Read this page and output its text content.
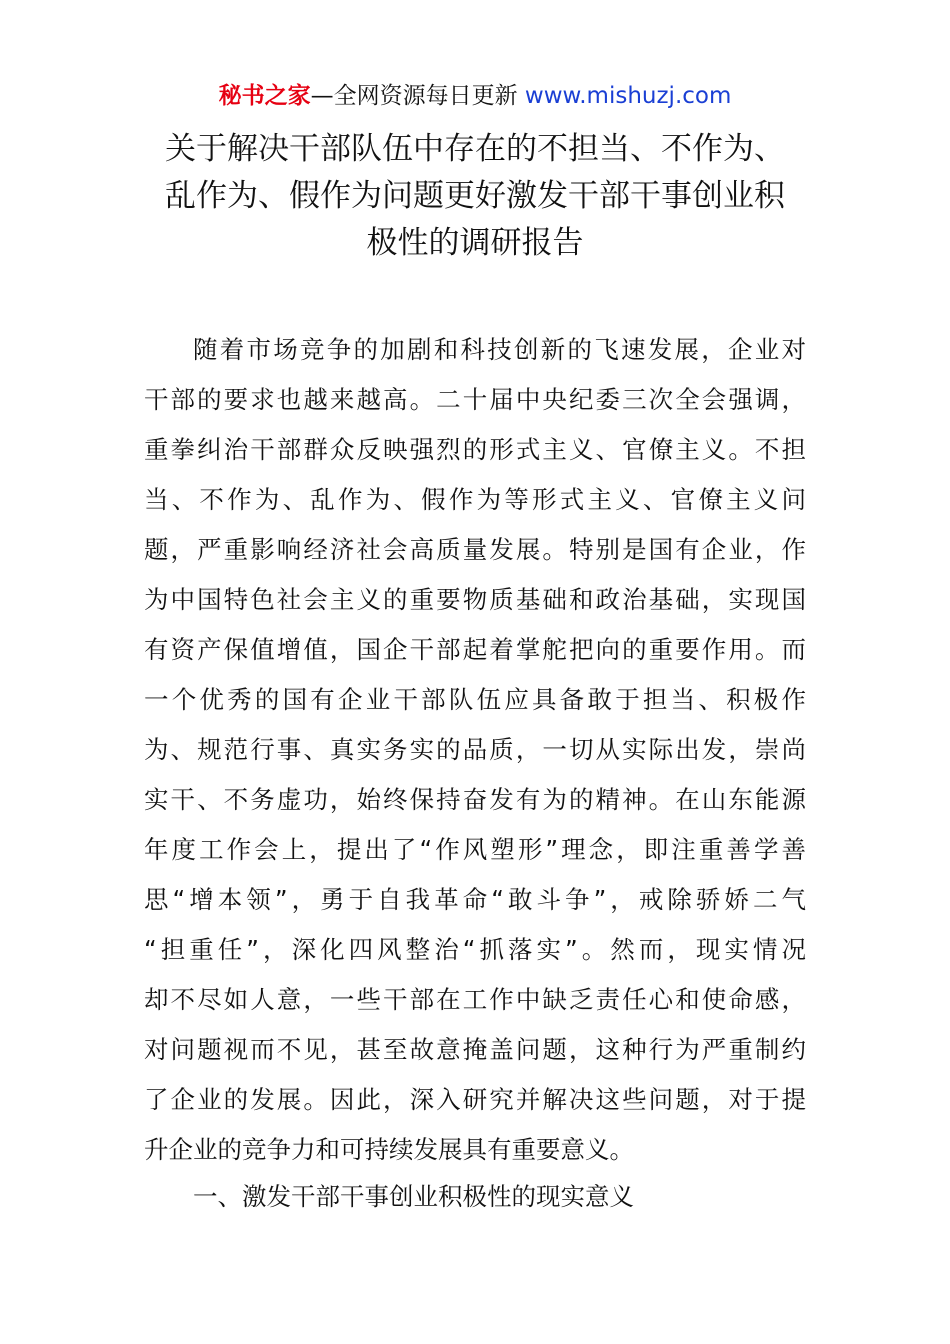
秘书之家—全网资源每日更新 www.mishuzj.com
关于解决干部队伍中存在的不担当、不作为、
乱作为、假作为问题更好激发干部干事创业积
极性的调研报告
随着市场竞争的加剧和科技创新的飞速发展，企业对
干部的要求也越来越高。二十届中央纪委三次全会强调，
重拳纠治干部群众反映强烈的形式主义、官僚主义。不担
当、不作为、乱作为、假作为等形式主义、官僚主义问
题，严重影响经济社会高质量发展。特别是国有企业，作
为中国特色社会主义的重要物质基础和政治基础，实现国
有资产保值增值，国企干部起着掌舵把向的重要作用。而
一个优秀的国有企业干部队伍应具备敢于担当、积极作
为、规范行事、真实务实的品质，一切从实际出发，崇尚
实干、不务虚功，始终保持奋发有为的精神。在山东能源
年度工作会上，提出了“作风塑形”理念，即注重善学善
思“增本领”，勇于自我革命“敢斗争”，戒除骄娇二气
“担重任”，深化四风整治“抓落实”。然而，现实情况
却不尽如人意，一些干部在工作中缺乏责任心和使命感，
对问题视而不见，甚至故意掩盖问题，这种行为严重制约
了企业的发展。因此，深入研究并解决这些问题，对于提
升企业的竞争力和可持续发展具有重要意义。
一、激发干部干事创业积极性的现实意义
